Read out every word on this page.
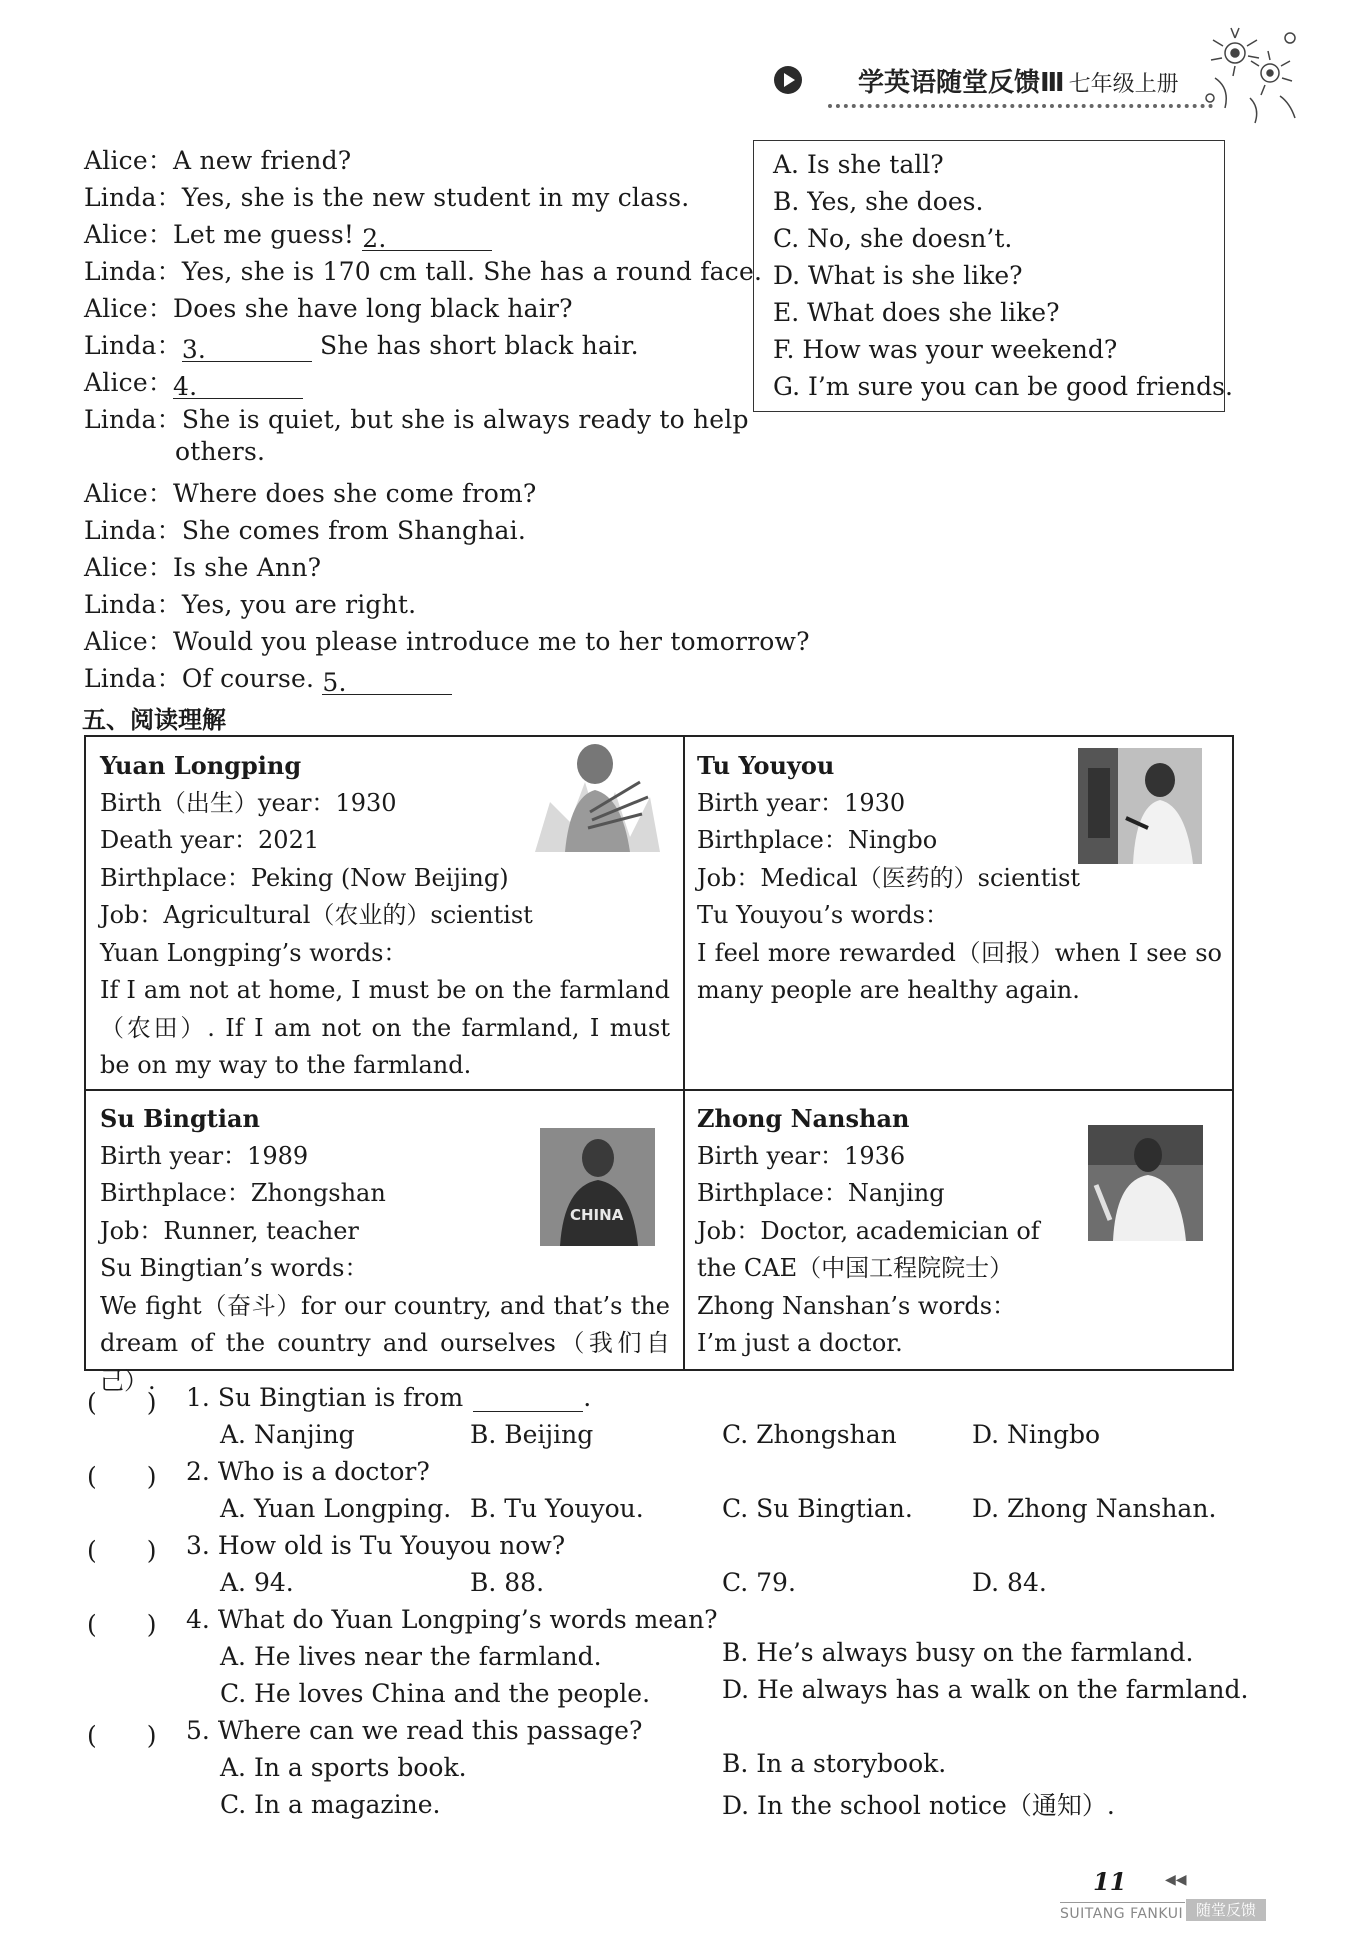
学英语随堂反馈Ⅲ 七年级上册
Alice：A new friend?
Linda：Yes, she is the new student in my class.
Alice：Let me guess! 2.
Linda：Yes, she is 170 cm tall. She has a round face.
Alice：Does she have long black hair?
Linda：3.	She has short black hair.
Alice：4.
Linda：She is quiet, but she is always ready to help
others.
Alice：Where does she come from?
Linda：She comes from Shanghai.
Alice：Is she Ann?
Linda：Yes, you are right.
Alice：Would you please introduce me to her tomorrow?
Linda：Of course. 5.
A. Is she tall?
B. Yes, she does.
C. No, she doesn’t.
D. What is she like?
E. What does she like?
F. How was your weekend?
G. I’m sure you can be good friends.
五、阅读理解
Yuan Longping
Birth（出生）year：1930
Death year：2021
Birthplace：Peking (Now Beijing)
Job：Agricultural（农业的）scientist
Yuan Longping’s words：
If I am not at home, I must be on the farmland（农田）. If I am not on the farmland, I must be on my way to the farmland.
Tu Youyou
Birth year：1930
Birthplace：Ningbo
Job：Medical（医药的）scientist
Tu Youyou’s words：
I feel more rewarded（回报）when I see so many people are healthy again.
Su Bingtian
Birth year：1989
Birthplace：Zhongshan
Job：Runner, teacher
Su Bingtian’s words：
We fight（奋斗）for our country, and that’s the dream of the country and ourselves（我们自己）.
CHINA
Zhong Nanshan
Birth year：1936
Birthplace：Nanjing
Job：Doctor, academician of
the CAE（中国工程院院士）
Zhong Nanshan’s words：
I’m just a doctor.
(　　) 1. Su Bingtian is from	.
A. Nanjing	B. Beijing	C. Zhongshan	D. Ningbo
(　　) 2. Who is a doctor?
A. Yuan Longping. B. Tu Youyou.	C. Su Bingtian. D. Zhong Nanshan.
(　　) 3. How old is Tu Youyou now?
A. 94.	B. 88.	C. 79.	D. 84.
(　　) 4. What do Yuan Longping’s words mean?
A. He lives near the farmland.	B. He’s always busy on the farmland.
C. He loves China and the people.	D. He always has a walk on the farmland.
(　　) 5. Where can we read this passage?
A. In a sports book.	B. In a storybook.
C. In a magazine.	D. In the school notice（通知）.
11	◀◀
SUITANG FANKUI 随堂反馈
